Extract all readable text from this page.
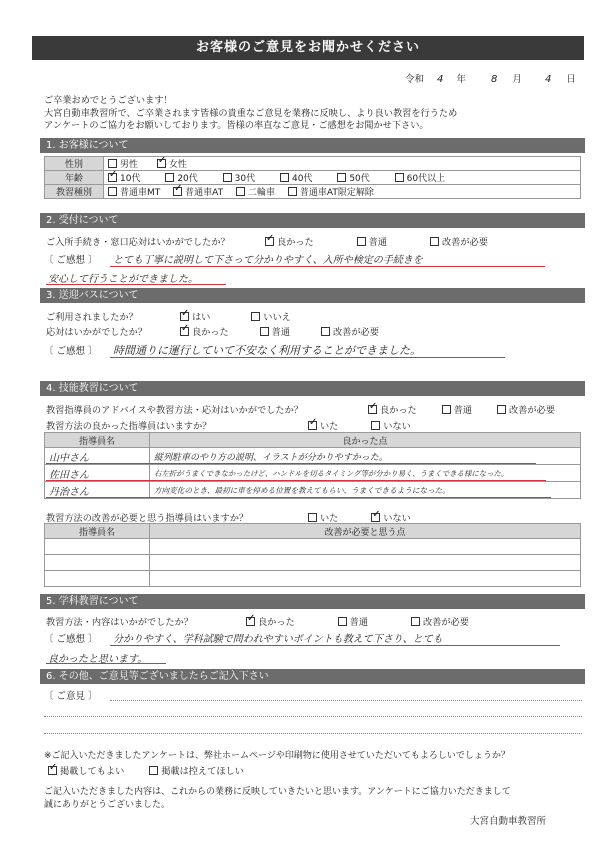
お客様のご意見をお聞かせください
令和 4 年	8 月 4 日
ご卒業おめでとうございます！
大宮自動車教習所で、ご卒業されます皆様の貴重なご意見を業務に反映し、より良い教習を行うため
アンケートのご協力をお願いしております。皆様の率直なご意見・ご感想をお聞かせ下さい。
1. お客様について
性別	男性 ✓ 女性
年齢	✓10代 20代 30代 40代 50代 60代以上
教習種別	普通車MT ✓ 普通車AT 二輪車 普通車AT限定解除
2. 受付について
ご入所手続き・窓口応対はいかがでしたか？ ✓	良かった	普通	改善が必要
〔 ご感想 〕 とても丁寧に説明して下さって分かりやすく、入所や検定の手続きを
安心して行うことができました。
3. 送迎バスについて
ご利用されましたか？ ✓	はい	いいえ
応対はいかがでしたか？ ✓	良かった	普通	改善が必要
〔 ご感想 〕 時間通りに運行していて不安なく利用することができました。
4. 技能教習について
教習指導員のアドバイスや教習方法・応対はいかがでしたか？ ✓	良かった	普通	改善が必要
教習方法の良かった指導員はいますか？ ✓	いた	いない
指導員名	良かった点
山中さん	縦列駐車のやり方の説明、イラストが分かりやすかった。
佐田さん	右左折がうまくできなかったけど、ハンドルを切るタイミング等が分かり易く、うまくできる様になった。
丹治さん	方向変化のとき、最初に車を停める位置を教えてもらい、うまくできるようになった。
教習方法の改善が必要と思う指導員はいますか？	いた ✓	いない
指導員名	改善が必要と思う点

5. 学科教習について
教習方法・内容はいかがでしたか？ ✓	良かった	普通	改善が必要
〔 ご感想 〕 分かりやすく、学科試験で問われやすいポイントも教えて下さり、とても
良かったと思います。
6. その他、ご意見等ございましたらご記入下さい
〔 ご意見 〕
※ご記入いただきましたアンケートは、弊社ホームページや印刷物に使用させていただいてもよろしいでしょうか？
✓掲載してもよい	掲載は控えてほしい
ご記入いただきました内容は、これからの業務に反映していきたいと思います。アンケートにご協力いただきまして
誠にありがとうございました。
大宮自動車教習所
